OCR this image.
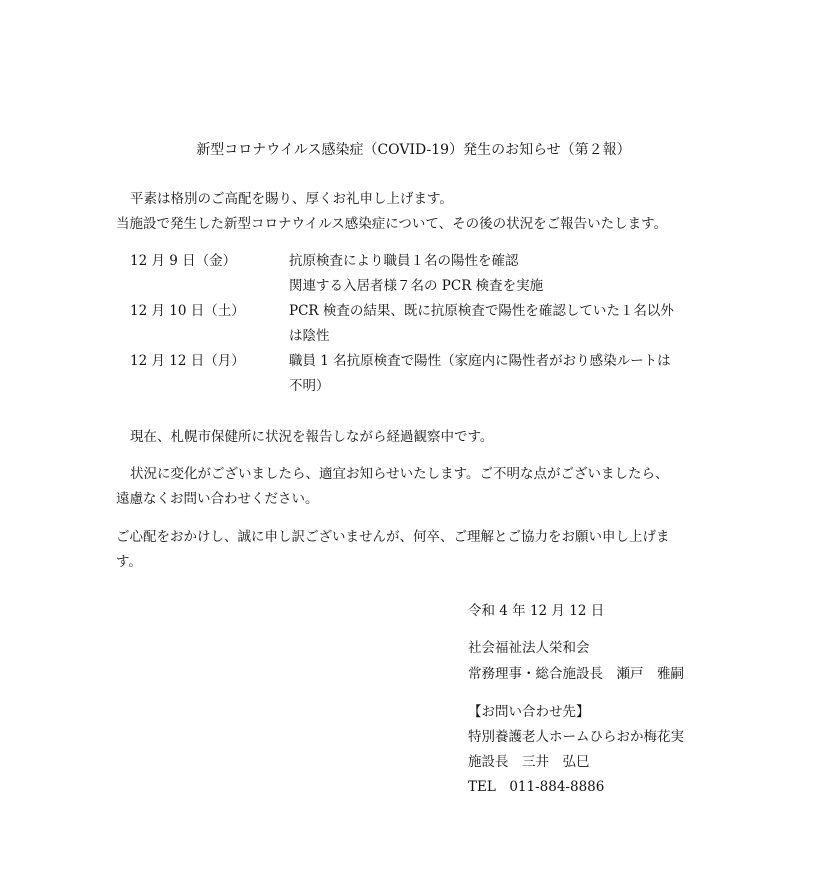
新型コロナウイルス感染症（COVID-19）発生のお知らせ（第２報）
平素は格別のご高配を賜り、厚くお礼申し上げます。
当施設で発生した新型コロナウイルス感染症について、その後の状況をご報告いたします。
12 月 9 日（金）	抗原検査により職員１名の陽性を確認
関連する入居者様７名の PCR 検査を実施
12 月 10 日（土）	PCR 検査の結果、既に抗原検査で陽性を確認していた１名以外
は陰性
12 月 12 日（月）	職員 1 名抗原検査で陽性（家庭内に陽性者がおり感染ルートは
不明）
現在、札幌市保健所に状況を報告しながら経過観察中です。
状況に変化がございましたら、適宜お知らせいたします。ご不明な点がございましたら、
遠慮なくお問い合わせください。
ご心配をおかけし、誠に申し訳ございませんが、何卒、ご理解とご協力をお願い申し上げま
す。
令和 4 年 12 月 12 日
社会福祉法人栄和会
常務理事・総合施設長　瀬戸　雅嗣
【お問い合わせ先】
特別養護老人ホームひらおか梅花実
施設長　三井　弘巳
TEL　011-884-8886
